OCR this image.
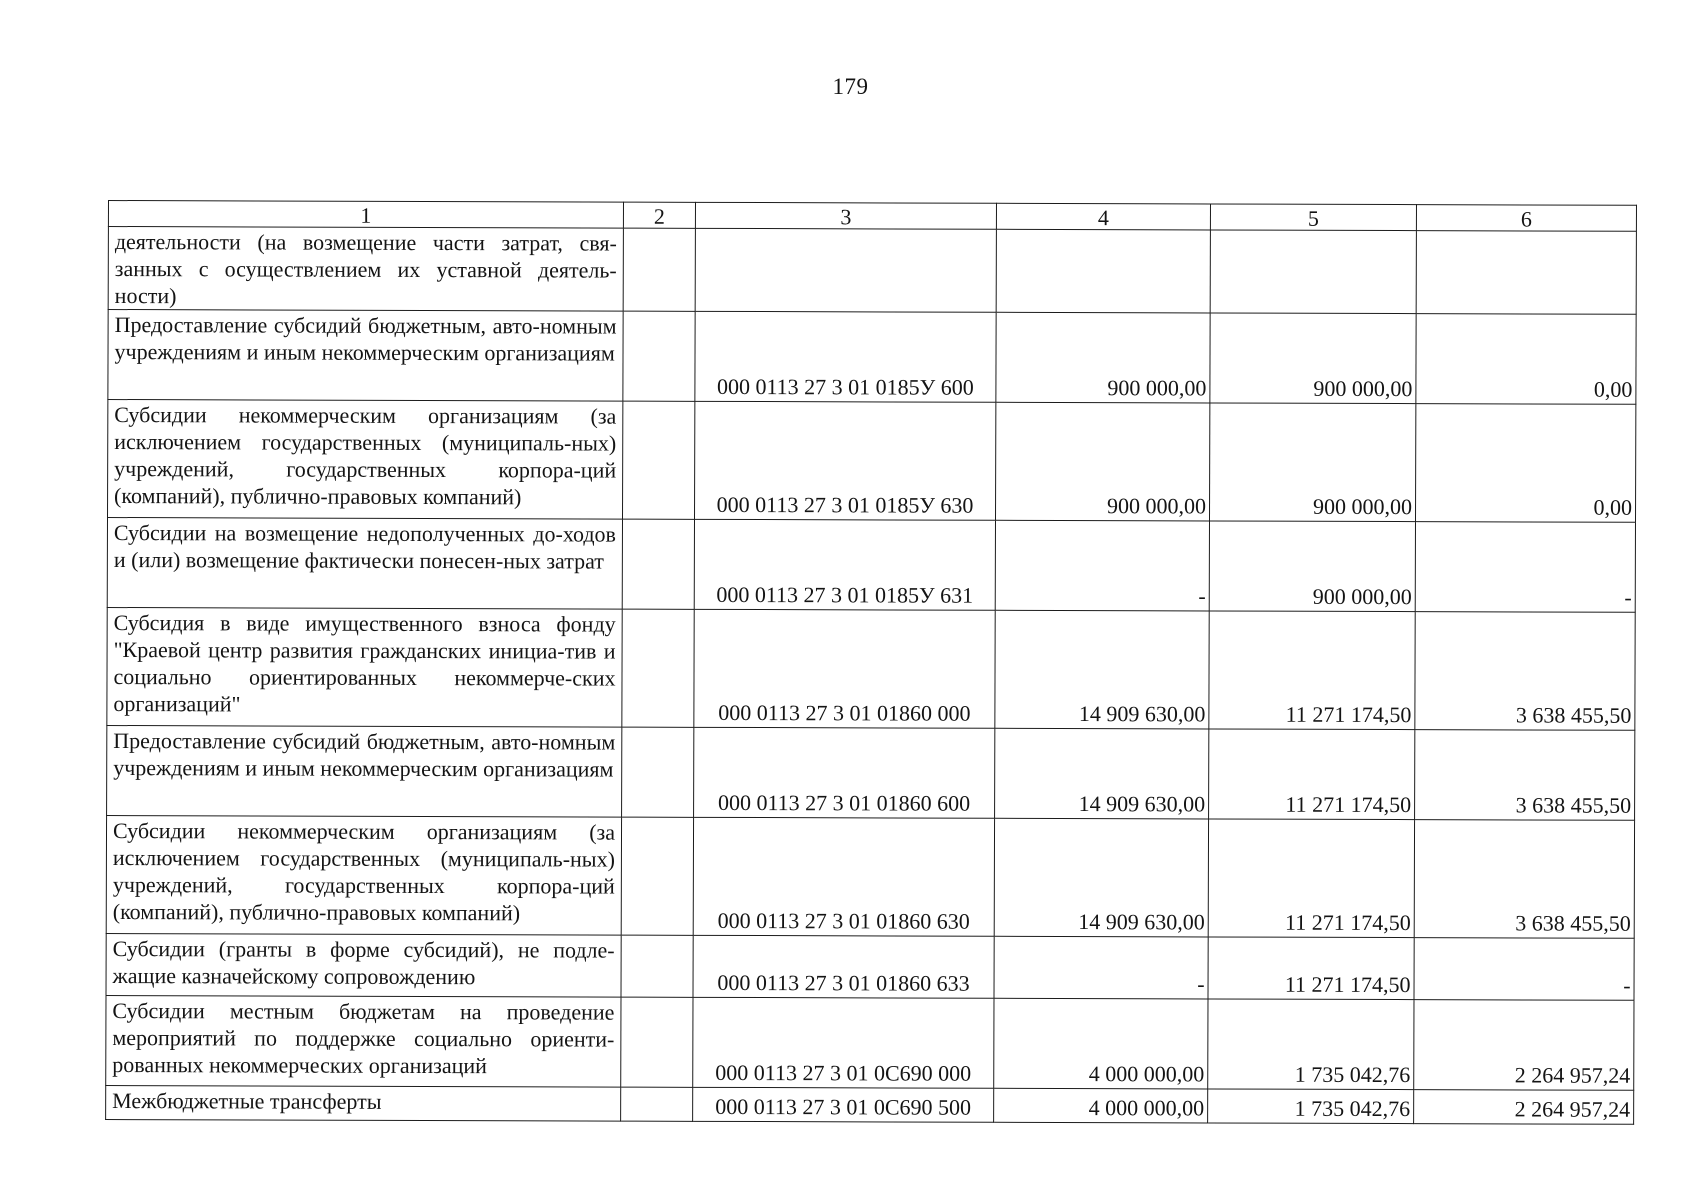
179
1	2	3	4	5	6
деятельности (на возмещение части затрат, свя-занных с осуществлением их уставной деятель-ности)					
Предоставление субсидий бюджетным, авто-номным учреждениям и иным некоммерческим организациям		000 0113 27 3 01 0185У 600	900 000,00	900 000,00	0,00
Субсидии некоммерческим организациям (за исключением государственных (муниципаль-ных) учреждений, государственных корпора-ций (компаний), публично-правовых компаний)		000 0113 27 3 01 0185У 630	900 000,00	900 000,00	0,00
Субсидии на возмещение недополученных до-ходов и (или) возмещение фактически понесен-ных затрат		000 0113 27 3 01 0185У 631	-	900 000,00	-
Субсидия в виде имущественного взноса фонду "Краевой центр развития гражданских инициа-тив и социально ориентированных некоммерче-ских организаций"		000 0113 27 3 01 01860 000	14 909 630,00	11 271 174,50	3 638 455,50
Предоставление субсидий бюджетным, авто-номным учреждениям и иным некоммерческим организациям		000 0113 27 3 01 01860 600	14 909 630,00	11 271 174,50	3 638 455,50
Субсидии некоммерческим организациям (за исключением государственных (муниципаль-ных) учреждений, государственных корпора-ций (компаний), публично-правовых компаний)		000 0113 27 3 01 01860 630	14 909 630,00	11 271 174,50	3 638 455,50
Субсидии (гранты в форме субсидий), не подле-жащие казначейскому сопровождению		000 0113 27 3 01 01860 633	-	11 271 174,50	-
Субсидии местным бюджетам на проведение мероприятий по поддержке социально ориенти-рованных некоммерческих организаций		000 0113 27 3 01 0С690 000	4 000 000,00	1 735 042,76	2 264 957,24
Межбюджетные трансферты		000 0113 27 3 01 0С690 500	4 000 000,00	1 735 042,76	2 264 957,24
